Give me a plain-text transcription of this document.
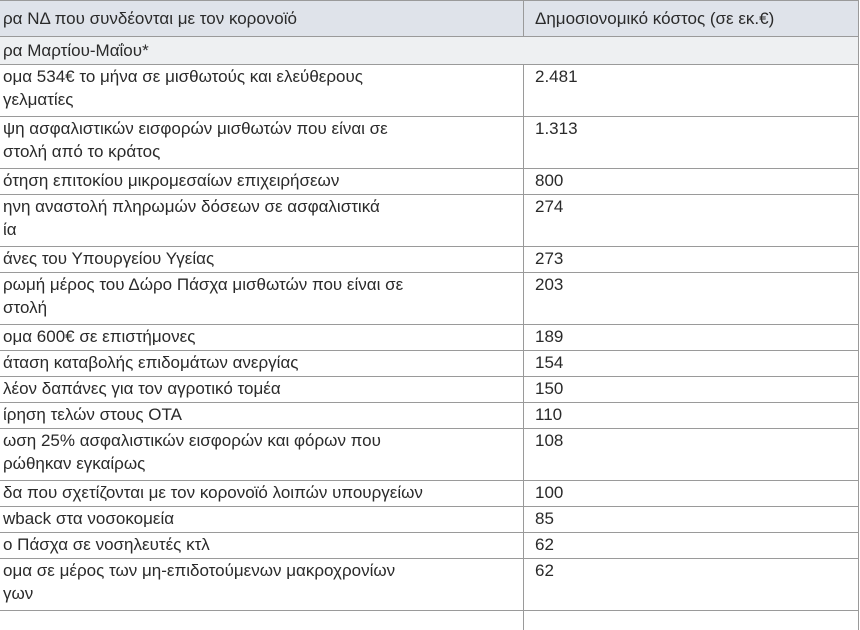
ρα ΝΔ που συνδέονται με τον κορονοϊό	Δημοσιονομικό κόστος (σε εκ.€)
ρα Μαρτίου-Μαΐου*	

ομα 534€ το μήνα σε μισθωτούς και ελεύθερους
γελματίες	2.481

ψη ασφαλιστικών εισφορών μισθωτών που είναι σε
στολή από το κράτος	1.313
ότηση επιτοκίου μικρομεσαίων επιχειρήσεων	800

ηνη αναστολή πληρωμών δόσεων σε ασφαλιστικά
ία	274
άνες του Υπουργείου Υγείας	273

ρωμή μέρος του Δώρο Πάσχα μισθωτών που είναι σε
στολή	203
ομα 600€ σε επιστήμονες	189
άταση καταβολής επιδομάτων ανεργίας	154
λέον δαπάνες για τον αγροτικό τομέα	150
ίρηση τελών στους ΟΤΑ	110

ωση 25% ασφαλιστικών εισφορών και φόρων που
ρώθηκαν εγκαίρως	108
δα που σχετίζονται με τον κορονοϊό λοιπών υπουργείων	100
wback στα νοσοκομεία	85
ο Πάσχα σε νοσηλευτές κτλ	62

ομα σε μέρος των μη-επιδοτούμενων μακροχρονίων
γων	62
